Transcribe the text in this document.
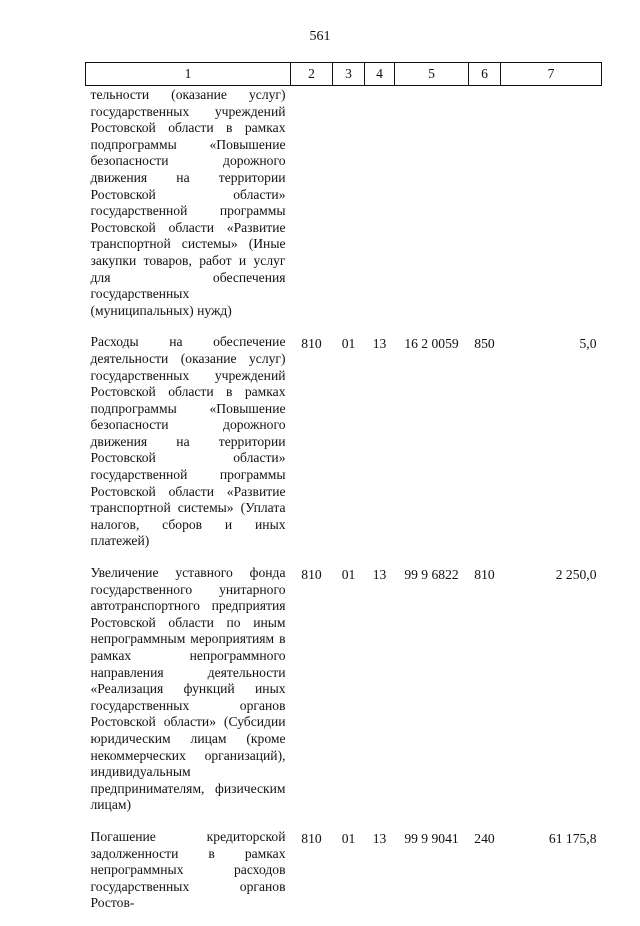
561
1	2	3	4	5	6	7
тельности (оказание услуг) государственных учреждений Ростовской области в рамках подпрограммы «Повышение безопасности дорожного движения на территории Ростовской области» государственной программы Ростовской области «Развитие транспортной системы» (Иные закупки товаров, работ и услуг для обеспечения государственных (муниципальных) нужд)						
Расходы на обеспечение деятельности (оказание услуг) государственных учреждений Ростовской области в рамках подпрограммы «Повышение безопасности дорожного движения на территории Ростовской области» государственной программы Ростовской области «Развитие транспортной системы» (Уплата налогов, сборов и иных платежей)	810	01	13	16 2 0059	850	5,0
Увеличение уставного фонда государственного унитарного автотранспортного предприятия Ростовской области по иным непрограммным мероприятиям в рамках непрограммного направления деятельности «Реализация функций иных государственных органов Ростовской области» (Субсидии юридическим лицам (кроме некоммерческих организаций), индивидуальным предпринимателям, физическим лицам)	810	01	13	99 9 6822	810	2 250,0
Погашение кредиторской задолженности в рамках непрограммных расходов государственных органов Ростов-	810	01	13	99 9 9041	240	61 175,8
